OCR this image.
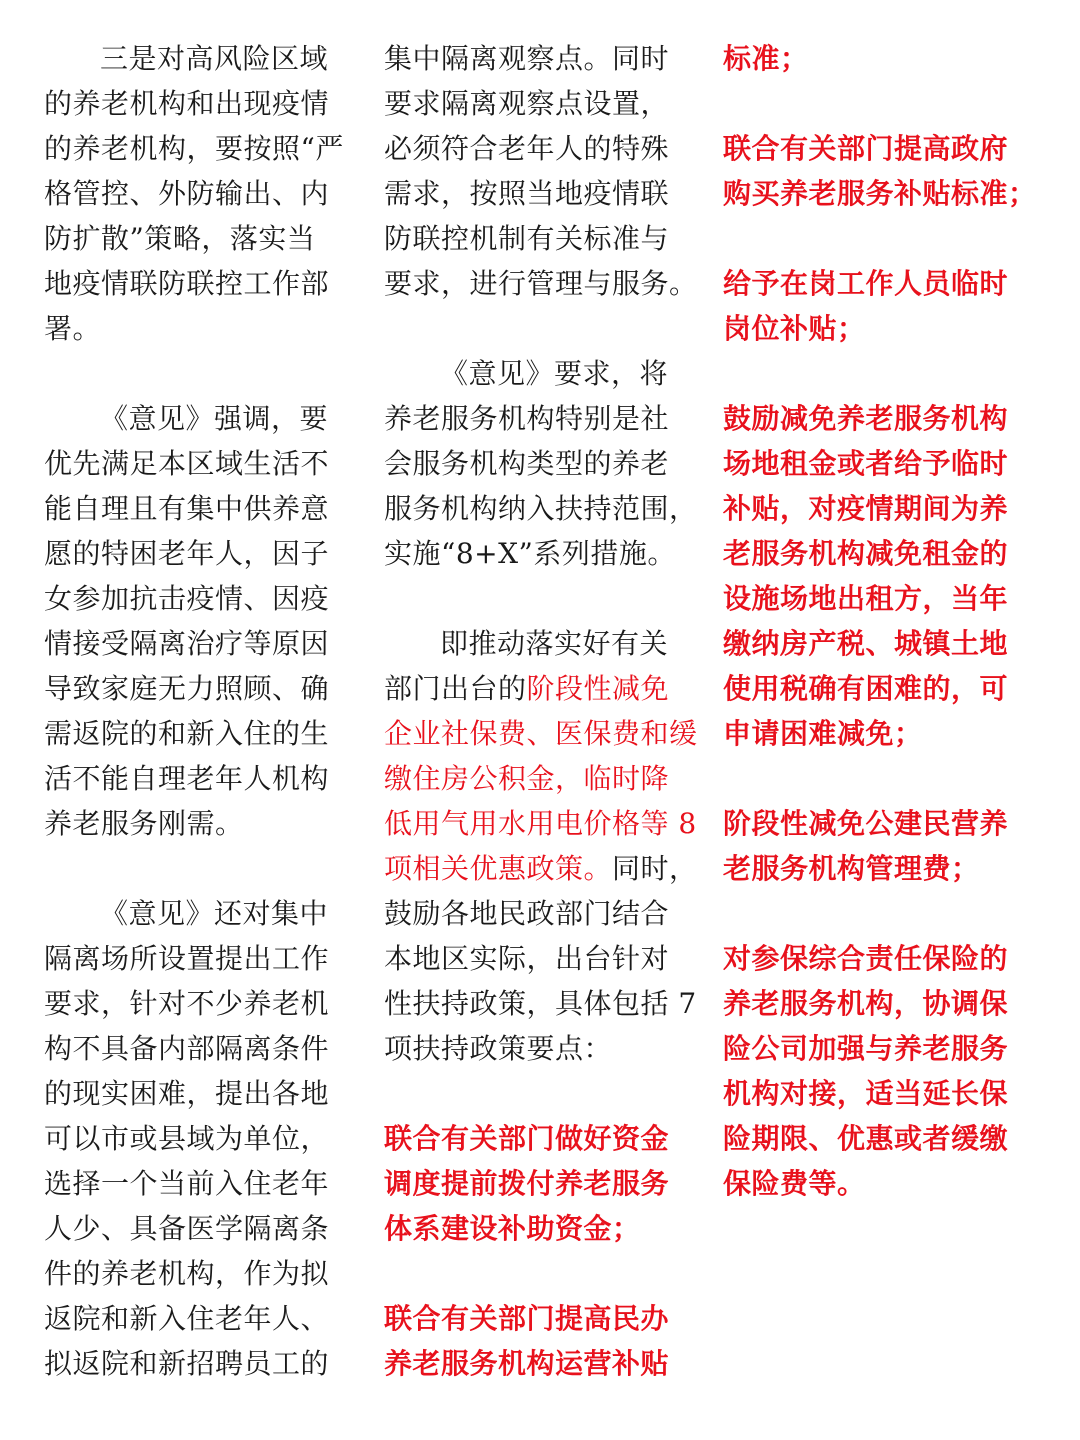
三是对高风险区域
的养老机构和出现疫情
的养老机构，要按照“严
格管控、外防输出、内
防扩散”策略，落实当
地疫情联防联控工作部
署。
《意见》强调，要
优先满足本区域生活不
能自理且有集中供养意
愿的特困老年人，因子
女参加抗击疫情、因疫
情接受隔离治疗等原因
导致家庭无力照顾、确
需返院的和新入住的生
活不能自理老年人机构
养老服务刚需。
《意见》还对集中
隔离场所设置提出工作
要求，针对不少养老机
构不具备内部隔离条件
的现实困难，提出各地
可以市或县域为单位，
选择一个当前入住老年
人少、具备医学隔离条
件的养老机构，作为拟
返院和新入住老年人、
拟返院和新招聘员工的
集中隔离观察点。同时
要求隔离观察点设置，
必须符合老年人的特殊
需求，按照当地疫情联
防联控机制有关标准与
要求，进行管理与服务。
《意见》要求，将
养老服务机构特别是社
会服务机构类型的养老
服务机构纳入扶持范围，
实施“8+X”系列措施。
即推动落实好有关
部门出台的阶段性减免
企业社保费、医保费和缓
缴住房公积金，临时降
低用气用水用电价格等 8
项相关优惠政策。同时，
鼓励各地民政部门结合
本地区实际，出台针对
性扶持政策，具体包括 7
项扶持政策要点：
联合有关部门做好资金
调度提前拨付养老服务
体系建设补助资金；
联合有关部门提高民办
养老服务机构运营补贴
标准；
联合有关部门提高政府
购买养老服务补贴标准；
给予在岗工作人员临时
岗位补贴；
鼓励减免养老服务机构
场地租金或者给予临时
补贴，对疫情期间为养
老服务机构减免租金的
设施场地出租方，当年
缴纳房产税、城镇土地
使用税确有困难的，可
申请困难减免；
阶段性减免公建民营养
老服务机构管理费；
对参保综合责任保险的
养老服务机构，协调保
险公司加强与养老服务
机构对接，适当延长保
险期限、优惠或者缓缴
保险费等。
